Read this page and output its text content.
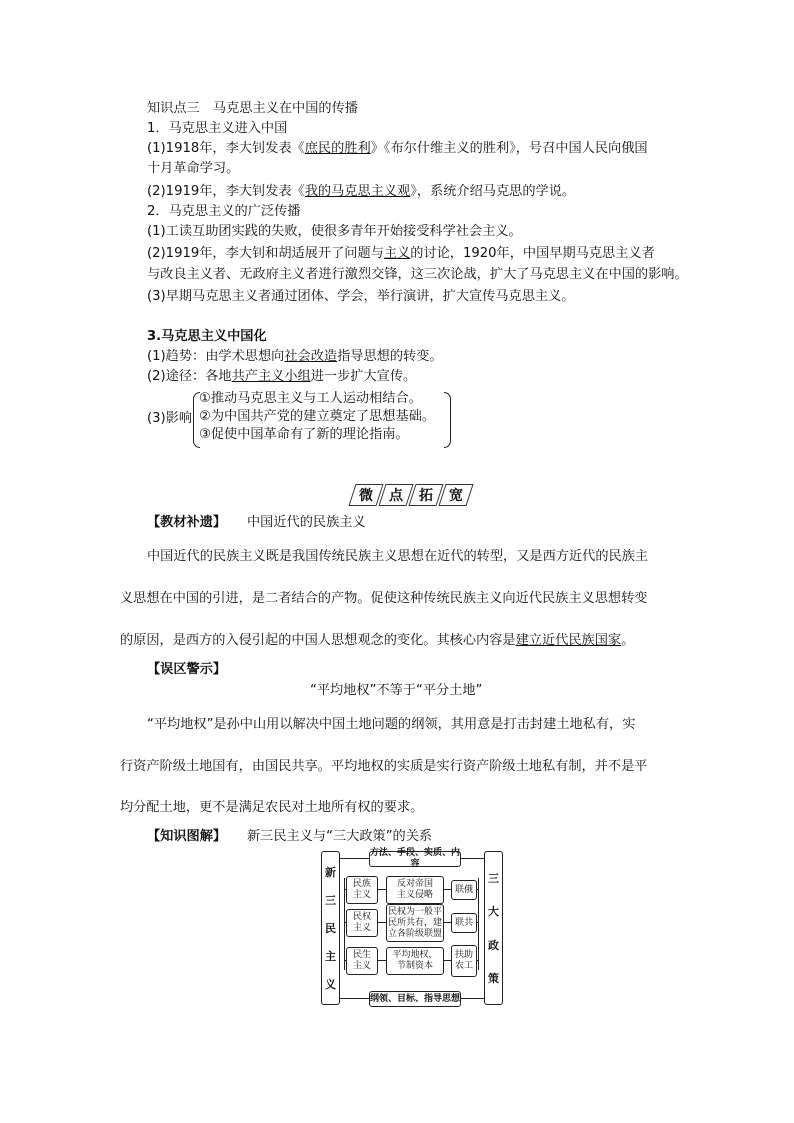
知识点三　马克思主义在中国的传播
1．马克思主义进入中国
(1)1918年，李大钊发表《庶民的胜利》《布尔什维主义的胜利》，号召中国人民向俄国
十月革命学习。
(2)1919年，李大钊发表《我的马克思主义观》，系统介绍马克思的学说。
2．马克思主义的广泛传播
(1)工读互助团实践的失败，使很多青年开始接受科学社会主义。
(2)1919年，李大钊和胡适展开了问题与主义的讨论，1920年，中国早期马克思主义者
与改良主义者、无政府主义者进行激烈交锋，这三次论战，扩大了马克思主义在中国的影响。
(3)早期马克思主义者通过团体、学会，举行演讲，扩大宣传马克思主义。
3.马克思主义中国化
(1)趋势：由学术思想向社会改造指导思想的转变。
(2)途径：各地共产主义小组进一步扩大宣传。
(3)影响
①推动马克思主义与工人运动相结合。
②为中国共产党的建立奠定了思想基础。
③促使中国革命有了新的理论指南。
微 点 拓 宽
【教材补遗】 中国近代的民族主义
中国近代的民族主义既是我国传统民族主义思想在近代的转型，又是西方近代的民族主
义思想在中国的引进，是二者结合的产物。促使这种传统民族主义向近代民族主义思想转变
的原因，是西方的入侵引起的中国人思想观念的变化。其核心内容是建立近代民族国家。
【误区警示】
“平均地权”不等于“平分土地”
“平均地权”是孙中山用以解决中国土地问题的纲领，其用意是打击封建土地私有，实
行资产阶级土地国有，由国民共享。平均地权的实质是实行资产阶级土地私有制，并不是平
均分配土地，更不是满足农民对土地所有权的要求。
【知识图解】 新三民主义与“三大政策”的关系
新
三
民
主
义
三
大
政
策
方法、手段、实质、内容
纲领、目标、指导思想
民族
主义
反对帝国
主义侵略
联俄
民权
主义
民权为一般平
民所共有，建
立各阶级联盟
联共
民生
主义
平均地权，
节制资本
扶助
农工
